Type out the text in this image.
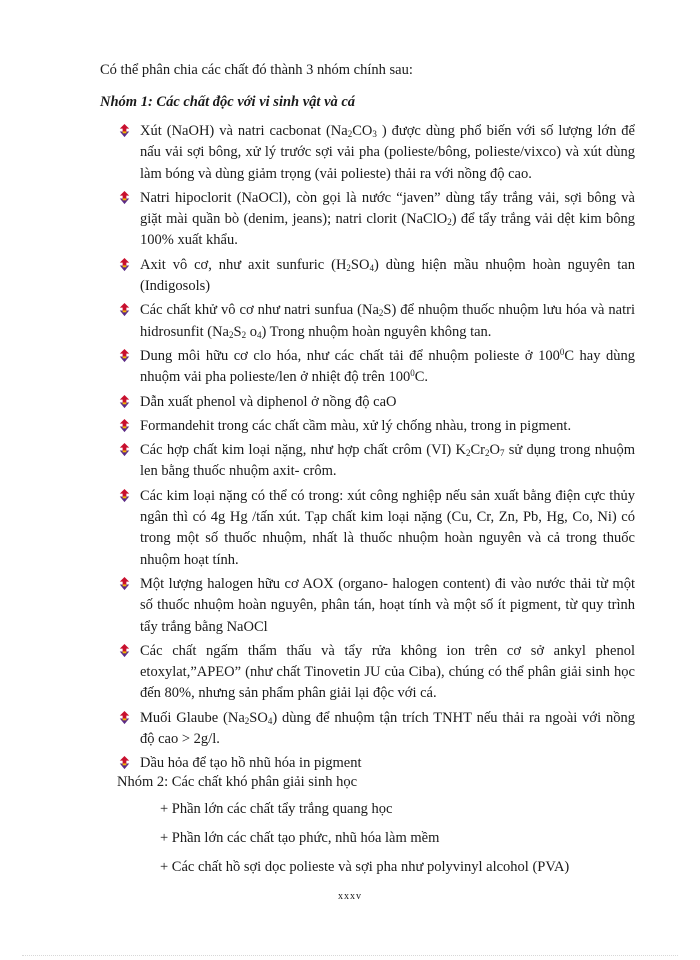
Có thể phân chia các chất đó thành 3 nhóm chính sau:
Nhóm 1: Các chất độc với vi sinh vật và cá
Xút (NaOH) và natri cacbonat ($Na_2CO_3$ ) được dùng phổ biến với số lượng lớn để nấu vải sợi bông, xử lý trước sợi vải pha (polieste/bông, polieste/vixco) và xút dùng làm bóng và dùng giảm trọng (vải polieste) thải ra với nồng độ cao.
Natri hipoclorit (NaOCl), còn gọi là nước “javen” dùng tẩy trắng vải, sợi bông và giặt mài quần bò (denim, jeans); natri clorit (NaClO$_2$) để tẩy trắng vải dệt kim bông 100% xuất khẩu.
Axit vô cơ, như axit sunfuric $(H_2SO_4)$ dùng hiện mầu nhuộm hoàn nguyên tan (Indigosols)
Các chất khử vô cơ như natri sunfua $(Na_2S)$ để nhuộm thuốc nhuộm lưu hóa và natri hidrosunfit ($Na_2S_2$ $o_4$) Trong nhuộm hoàn nguyên không tan.
Dung môi hữu cơ clo hóa, như các chất tải để nhuộm polieste ở $100^0C$ hay dùng nhuộm vải pha polieste/len ở nhiệt độ trên $100^0C$.
Dẫn xuất phenol và diphenol ở nồng độ caO
Formandehit trong các chất cầm màu, xử lý chống nhàu, trong in pigment.
Các hợp chất kim loại nặng, như hợp chất crôm (VI) $K_2Cr_2O_7$ sử dụng trong nhuộm len bằng thuốc nhuộm axit- crôm.
Các kim loại nặng có thể có trong: xút công nghiệp nếu sản xuất bằng điện cực thủy ngân thì có 4g Hg /tấn xút. Tạp chất kim loại nặng (Cu, Cr, Zn, Pb, Hg, Co, Ni) có trong một số thuốc nhuộm, nhất là thuốc nhuộm hoàn nguyên và cả trong thuốc nhuộm hoạt tính.
Một lượng halogen hữu cơ AOX (organo- halogen content) đi vào nước thải từ một số thuốc nhuộm hoàn nguyên, phân tán, hoạt tính và một số ít pigment, từ quy trình tẩy trắng bằng NaOCl
Các chất ngấm thẩm thấu và tẩy rửa không ion trên cơ sở ankyl phenol etoxylat,”APEO” (như chất Tinovetin JU của Ciba), chúng có thể phân giải sinh học đến 80%, nhưng sản phẩm phân giải lại độc với cá.
Muối Glaube $(Na_2SO_4)$ dùng để nhuộm tận trích TNHT nếu thải ra ngoài với nồng độ cao > 2g/l.
Dầu hỏa để tạo hồ nhũ hóa in pigment
Nhóm 2: Các chất khó phân giải sinh học
+ Phần lớn các chất tẩy trắng quang học
+ Phần lớn các chất tạo phức, nhũ hóa làm mềm
+ Các chất hồ sợi dọc polieste và sợi pha như polyvinyl alcohol (PVA)
xxxv
